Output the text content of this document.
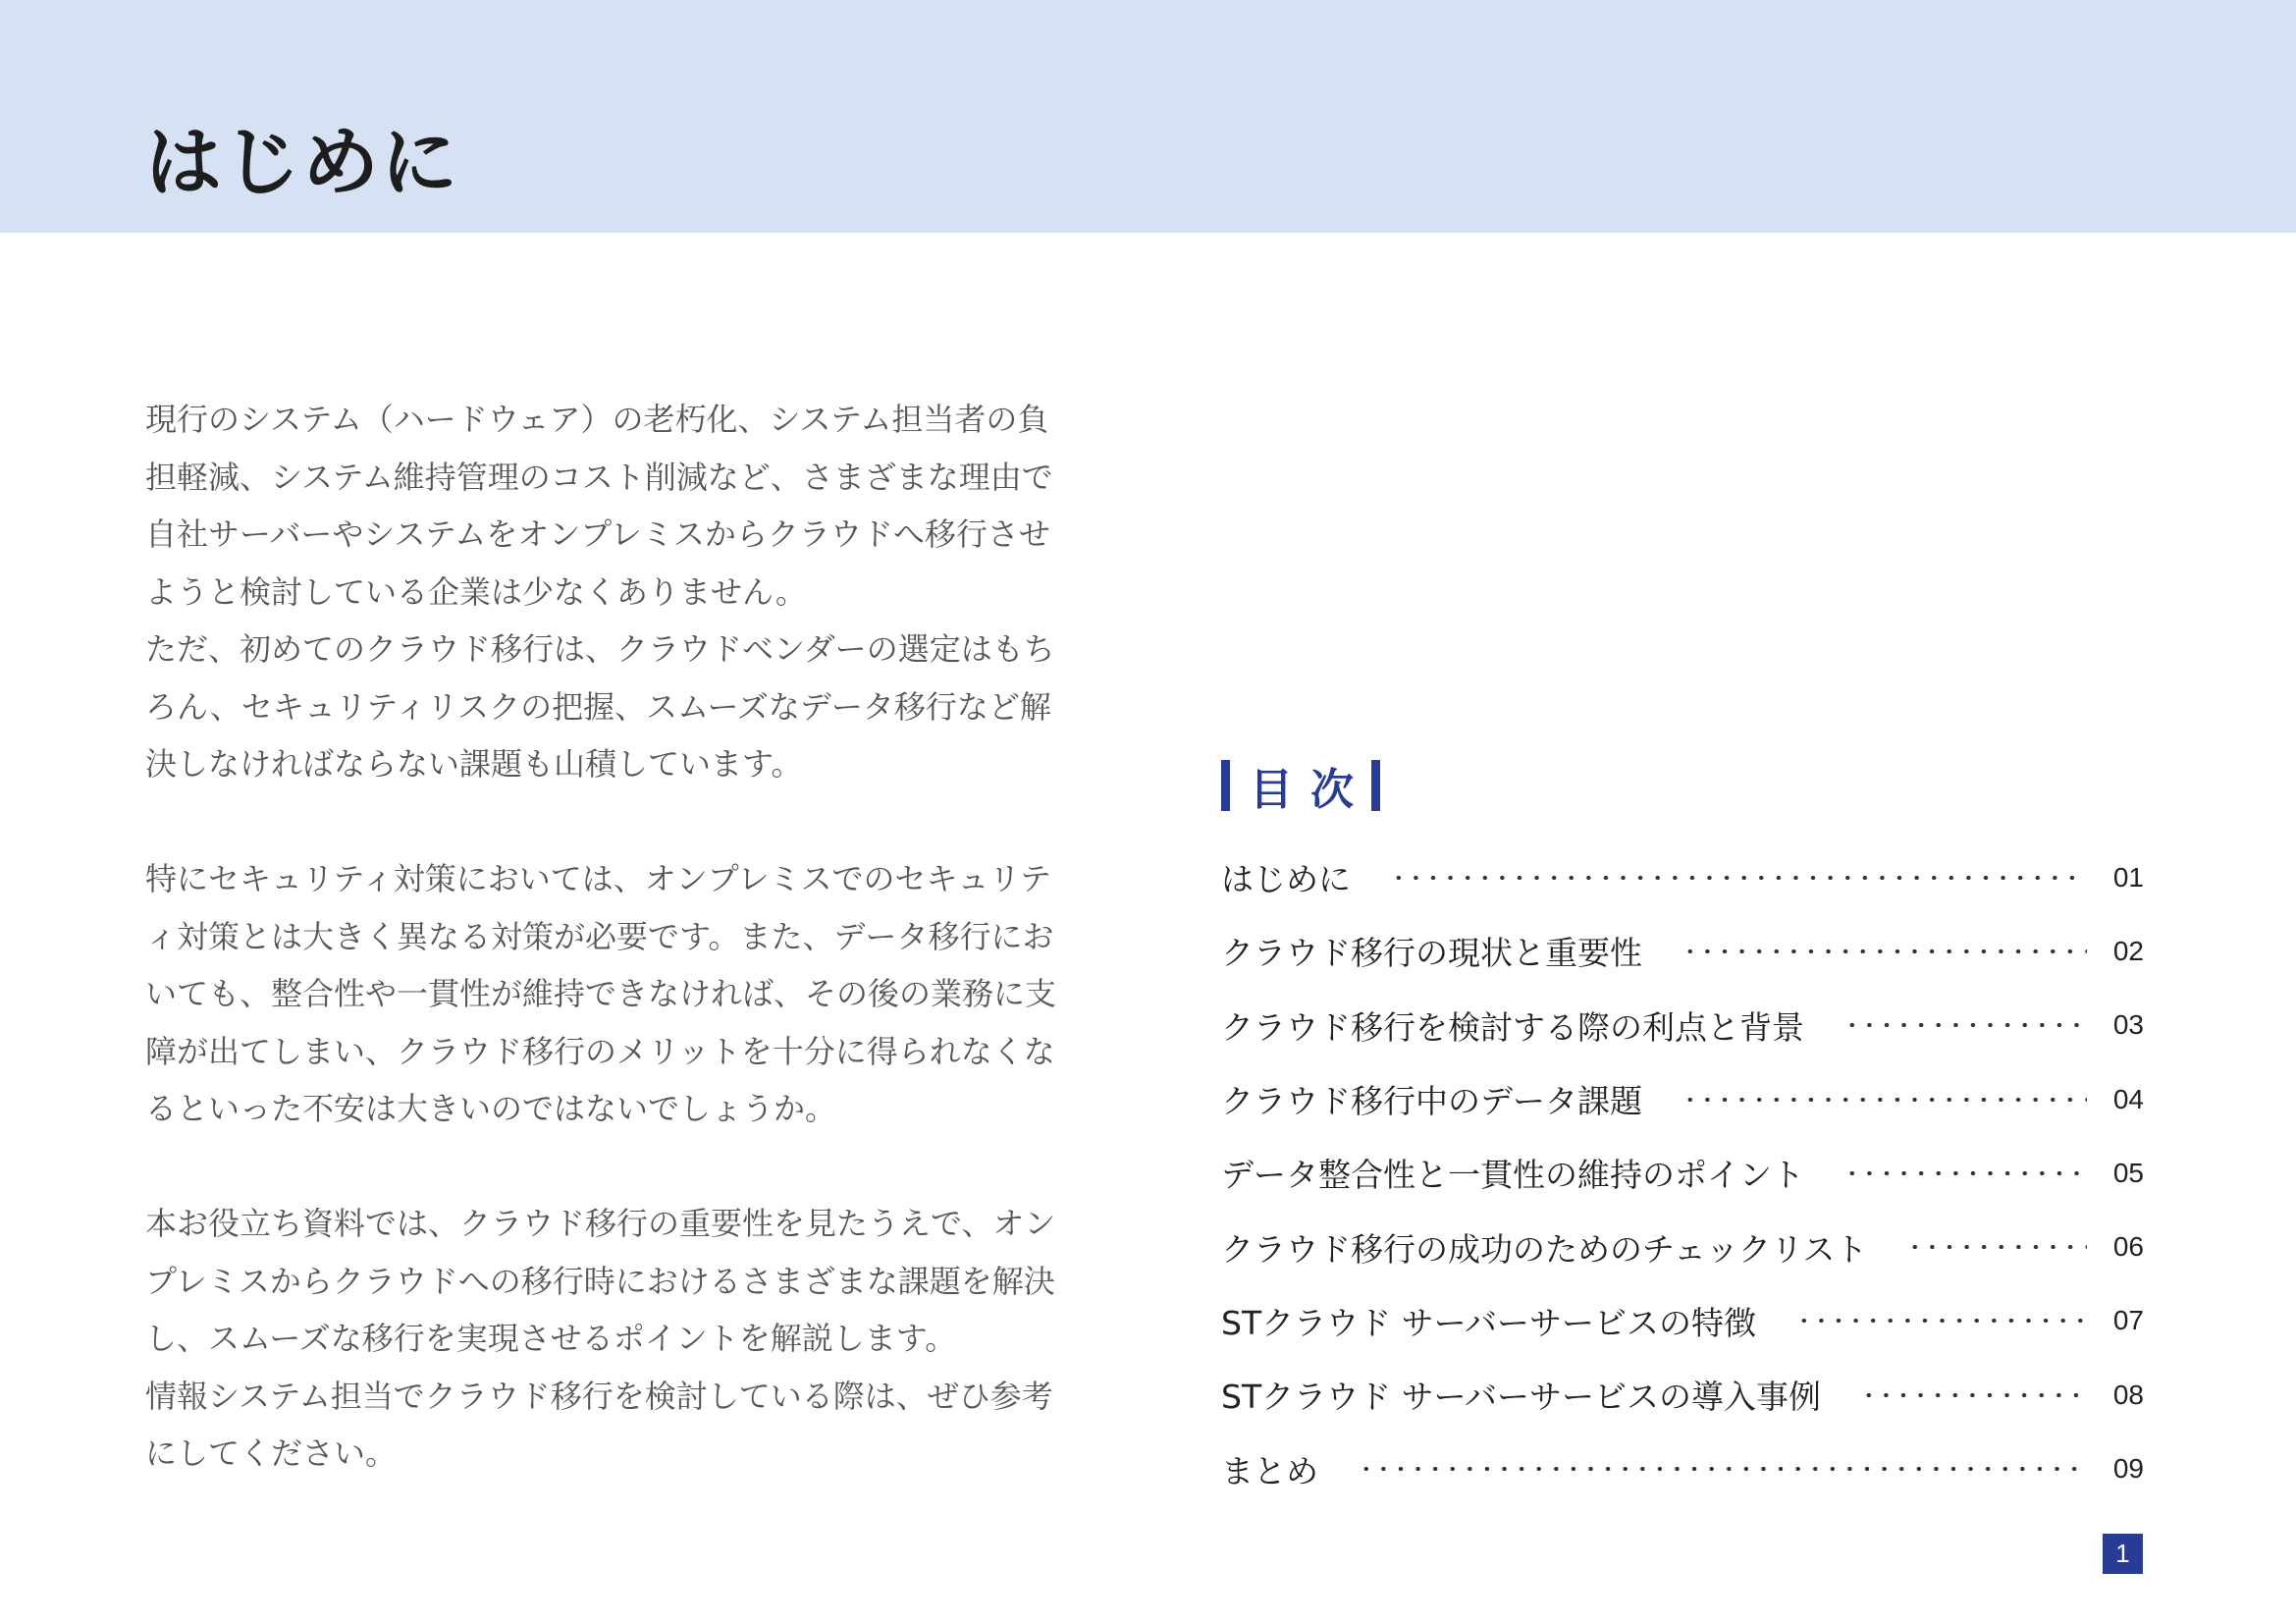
はじめに

現行のシステム（ハードウェア）の老朽化、システム担当者の負担軽減、システム維持管理のコスト削減など、さまざまな理由で自社サーバーやシステムをオンプレミスからクラウドへ移行させようと検討している企業は少なくありません。

ただ、初めてのクラウド移行は、クラウドベンダーの選定はもちろん、セキュリティリスクの把握、スムーズなデータ移行など解決しなければならない課題も山積しています。

特にセキュリティ対策においては、オンプレミスでのセキュリティ対策とは大きく異なる対策が必要です。また、データ移行においても、整合性や一貫性が維持できなければ、その後の業務に支障が出てしまい、クラウド移行のメリットを十分に得られなくなるといった不安は大きいのではないでしょうか。

本お役立ち資料では、クラウド移行の重要性を見たうえで、オンプレミスからクラウドへの移行時におけるさまざまな課題を解決し、スムーズな移行を実現させるポイントを解説します。

情報システム担当でクラウド移行を検討している際は、ぜひ参考にしてください。

目次
はじめに	01
クラウド移行の現状と重要性	02
クラウド移行を検討する際の利点と背景	03
クラウド移行中のデータ課題	04
データ整合性と一貫性の維持のポイント	05
クラウド移行の成功のためのチェックリスト	06
STクラウド サーバーサービスの特徴	07
STクラウド サーバーサービスの導入事例	08
まとめ	09
1
